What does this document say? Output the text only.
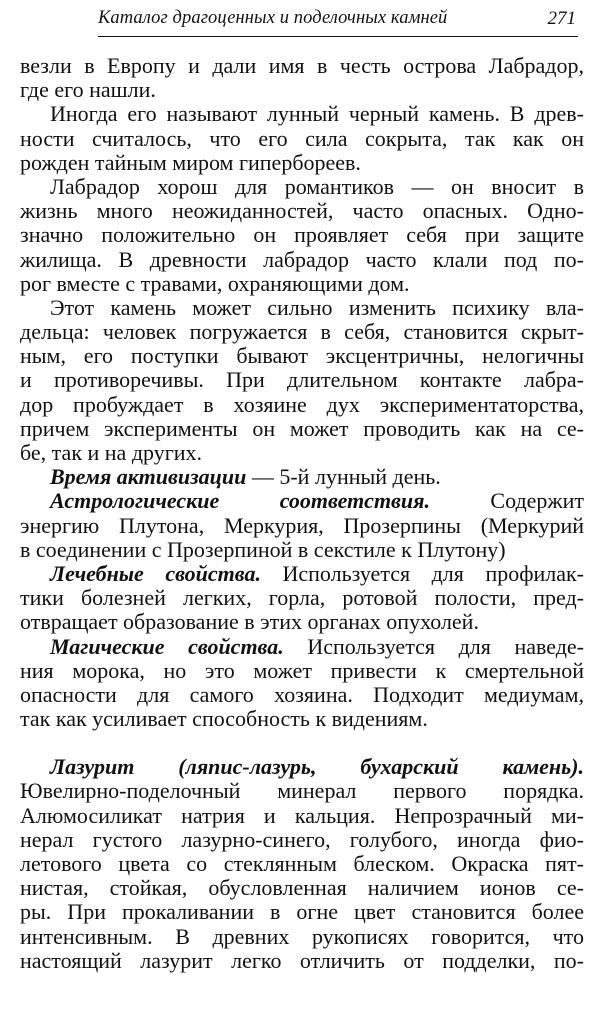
Каталог драгоценных и поделочных камней	271
везли в Европу и дали имя в честь острова Лабрадор,
где его нашли.
Иногда его называют лунный черный камень. В древ-
ности считалось, что его сила сокрыта, так как он
рожден тайным миром гипербореев.
Лабрадор хорош для романтиков — он вносит в
жизнь много неожиданностей, часто опасных. Одно-
значно положительно он проявляет себя при защите
жилища. В древности лабрадор часто клали под по-
рог вместе с травами, охраняющими дом.
Этот камень может сильно изменить психику вла-
дельца: человек погружается в себя, становится скрыт-
ным, его поступки бывают эксцентричны, нелогичны
и противоречивы. При длительном контакте лабра-
дор пробуждает в хозяине дух экспериментаторства,
причем эксперименты он может проводить как на се-
бе, так и на других.
Время активизации — 5-й лунный день.
Астрологические соответствия. Содержит
энергию Плутона, Меркурия, Прозерпины (Меркурий
в соединении с Прозерпиной в секстиле к Плутону)
Лечебные свойства. Используется для профилак-
тики болезней легких, горла, ротовой полости, пред-
отвращает образование в этих органах опухолей.
Магические свойства. Используется для наведе-
ния морока, но это может привести к смертельной
опасности для самого хозяина. Подходит медиумам,
так как усиливает способность к видениям.
Лазурит (ляпис-лазурь, бухарский камень).
Ювелирно-поделочный минерал первого порядка.
Алюмосиликат натрия и кальция. Непрозрачный ми-
нерал густого лазурно-синего, голубого, иногда фио-
летового цвета со стеклянным блеском. Окраска пят-
нистая, стойкая, обусловленная наличием ионов се-
ры. При прокаливании в огне цвет становится более
интенсивным. В древних рукописях говорится, что
настоящий лазурит легко отличить от подделки, по-
